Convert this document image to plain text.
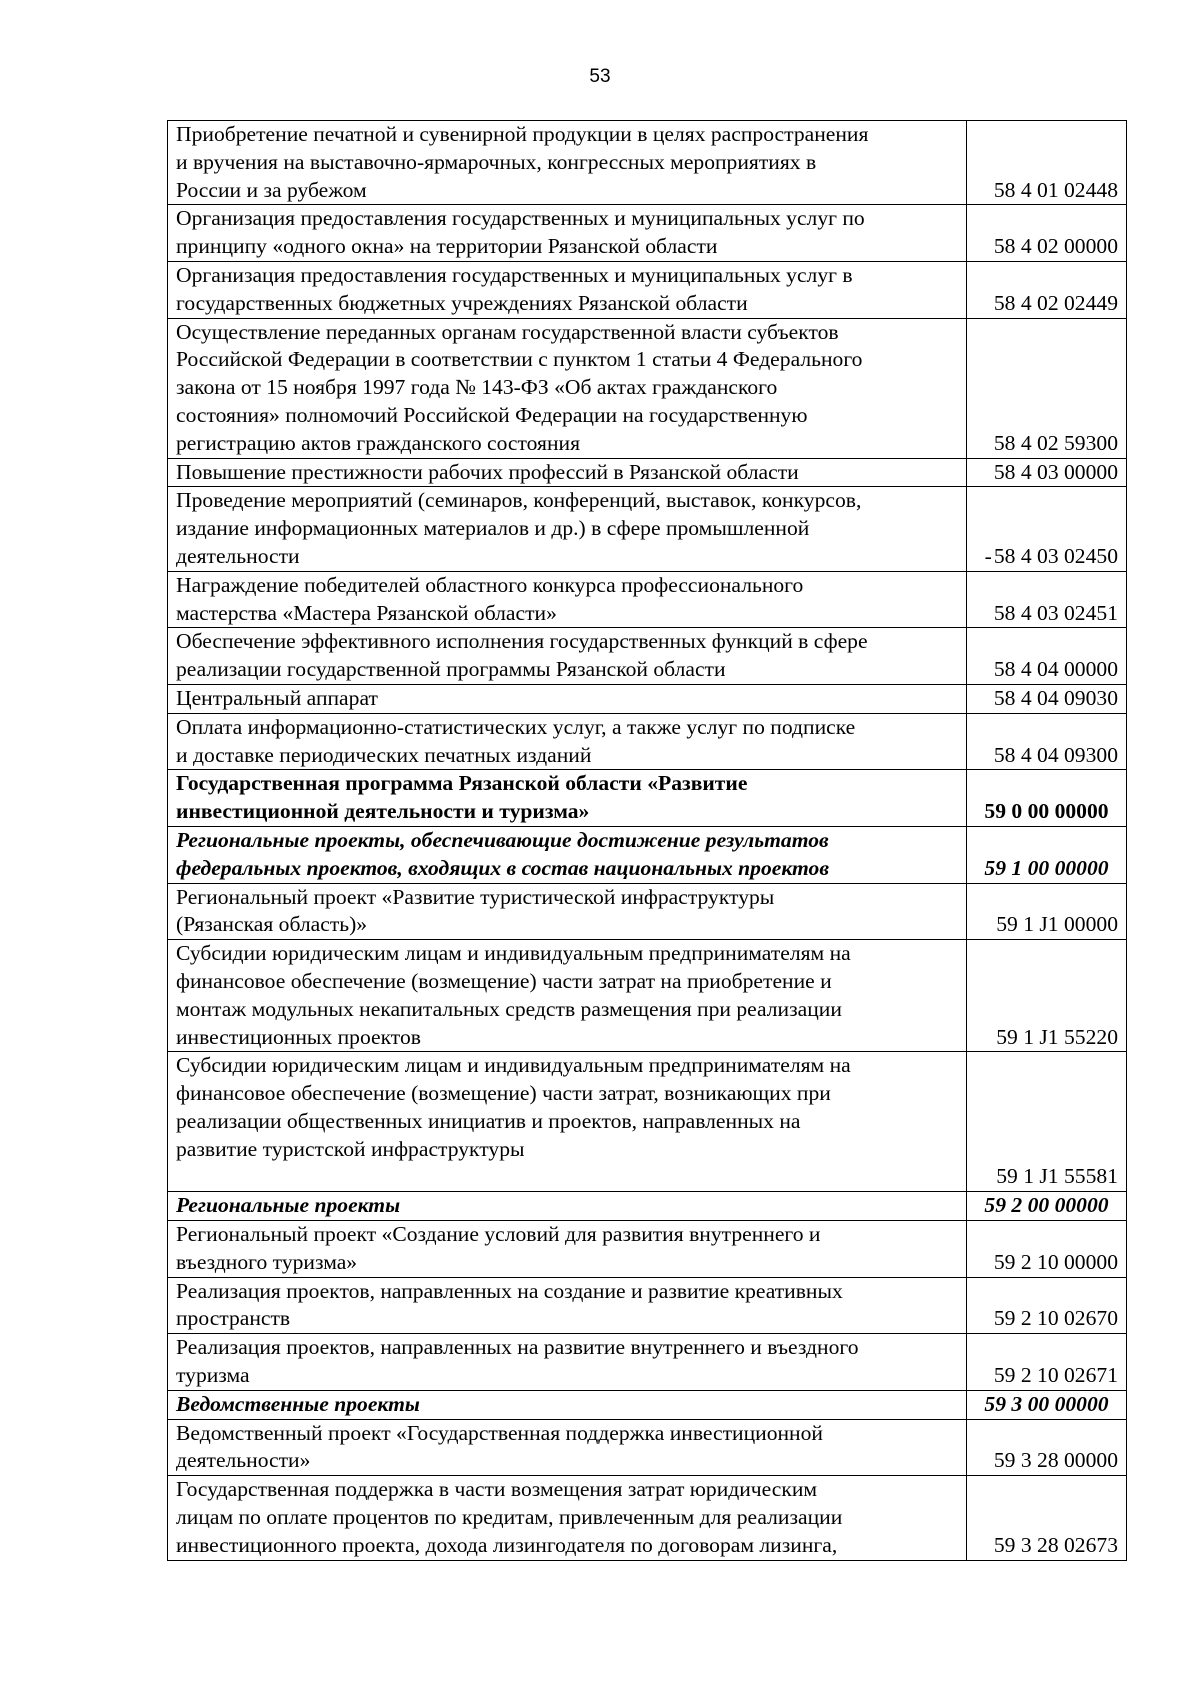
53
Приобретение печатной и сувенирной продукции в целях распространения
и вручения на выставочно-ярмарочных, конгрессных мероприятиях в
России и за рубежом	58 4 01 02448

Организация предоставления государственных и муниципальных услуг по
принципу «одного окна» на территории Рязанской области	58 4 02 00000

Организация предоставления государственных и муниципальных услуг в
государственных бюджетных учреждениях Рязанской области	58 4 02 02449

Осуществление переданных органам государственной власти субъектов
Российской Федерации в соответствии с пунктом 1 статьи 4 Федерального
закона от 15 ноября 1997 года № 143-ФЗ «Об актах гражданского
состояния» полномочий Российской Федерации на государственную
регистрацию актов гражданского состояния	58 4 02 59300

Повышение престижности рабочих профессий в Рязанской области	58 4 03 00000

Проведение мероприятий (семинаров, конференций, выставок, конкурсов,
издание информационных материалов и др.) в сфере промышленной
деятельности	-58 4 03 02450

Награждение победителей областного конкурса профессионального
мастерства «Мастера Рязанской области»	58 4 03 02451

Обеспечение эффективного исполнения государственных функций в сфере
реализации государственной программы Рязанской области	58 4 04 00000

Центральный аппарат	58 4 04 09030

Оплата информационно-статистических услуг, а также услуг по подписке
и доставке периодических печатных изданий	58 4 04 09300

Государственная программа Рязанской области «Развитие
инвестиционной деятельности и туризма»	59 0 00 00000

Региональные проекты, обеспечивающие достижение результатов
федеральных проектов, входящих в состав национальных проектов	59 1 00 00000

Региональный проект «Развитие туристической инфраструктуры
(Рязанская область)»	59 1 J1 00000

Субсидии юридическим лицам и индивидуальным предпринимателям на
финансовое обеспечение (возмещение) части затрат на приобретение и
монтаж модульных некапитальных средств размещения при реализации
инвестиционных проектов	59 1 J1 55220

Субсидии юридическим лицам и индивидуальным предпринимателям на
финансовое обеспечение (возмещение) части затрат, возникающих при
реализации общественных инициатив и проектов, направленных на
развитие туристской инфраструктуры	59 1 J1 55581

Региональные проекты	59 2 00 00000

Региональный проект «Создание условий для развития внутреннего и
въездного туризма»	59 2 10 00000

Реализация проектов, направленных на создание и развитие креативных
пространств	59 2 10 02670

Реализация проектов, направленных на развитие внутреннего и въездного
туризма	59 2 10 02671

Ведомственные проекты	59 3 00 00000

Ведомственный проект «Государственная поддержка инвестиционной
деятельности»	59 3 28 00000

Государственная поддержка в части возмещения затрат юридическим
лицам по оплате процентов по кредитам, привлеченным для реализации
инвестиционного проекта, дохода лизингодателя по договорам лизинга,	59 3 28 02673
